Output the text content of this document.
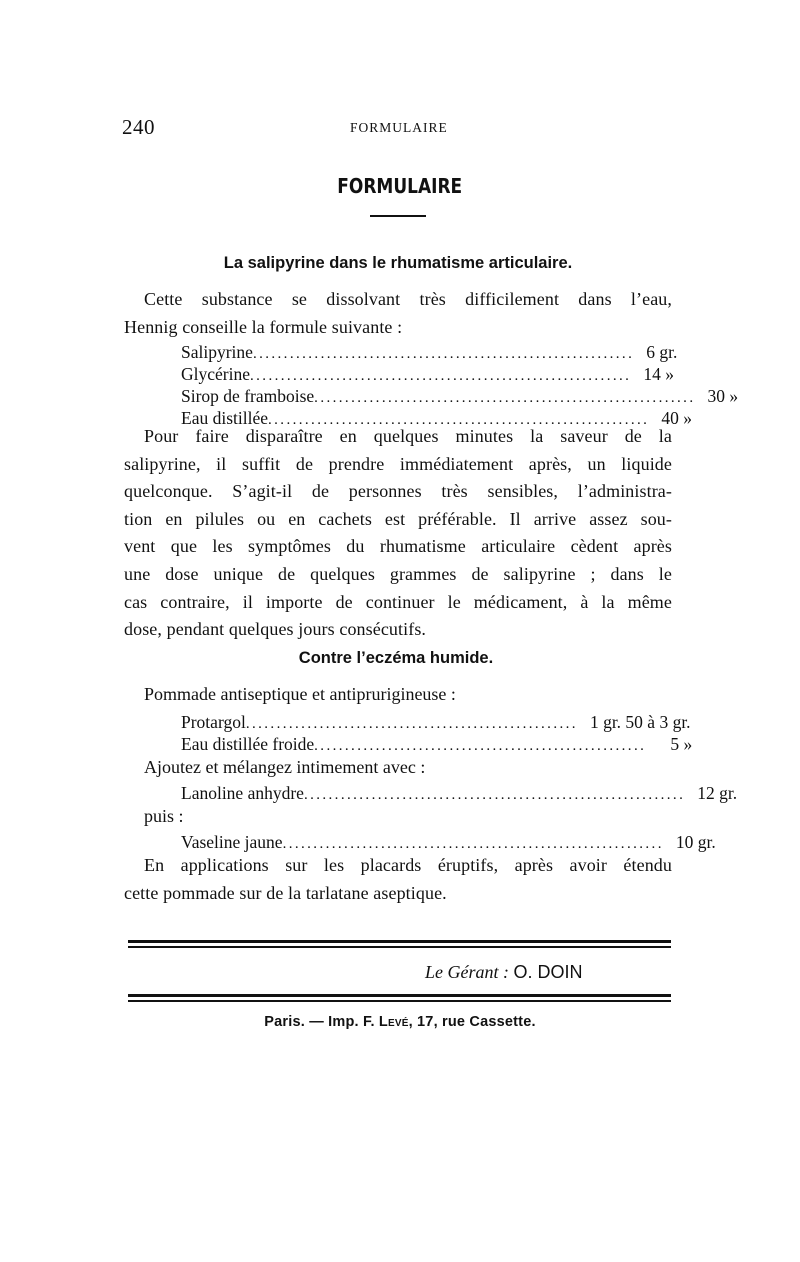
240	FORMULAIRE
FORMULAIRE
La salipyrine dans le rhumatisme articulaire.
Cette substance se dissolvant très difficilement dans l’eau,
Hennig conseille la formule suivante :
Salipyrine .............................................................. 6 gr.
Glycérine .............................................................. 14 »
Sirop de framboise .............................................................. 30 »
Eau distillée .............................................................. 40 »
Pour faire disparaître en quelques minutes la saveur de la
salipyrine, il suffit de prendre immédiatement après, un liquide
quelconque. S’agit-il de personnes très sensibles, l’administra-
tion en pilules ou en cachets est préférable. Il arrive assez sou-
vent que les symptômes du rhumatisme articulaire cèdent après
une dose unique de quelques grammes de salipyrine ; dans le
cas contraire, il importe de continuer le médicament, à la même
dose, pendant quelques jours consécutifs.
Contre l’eczéma humide.
Pommade antiseptique et antiprurigineuse :
Protargol ...................................................... 1 gr. 50 à 3 gr.
Eau distillée froide ......................................................	5 »
Ajoutez et mélangez intimement avec :
Lanoline anhydre .............................................................. 12 gr.
puis :
Vaseline jaune .............................................................. 10 gr.
En applications sur les placards éruptifs, après avoir étendu
cette pommade sur de la tarlatane aseptique.
Le Gérant : O. DOIN
Paris. — Imp. F. Levé, 17, rue Cassette.
